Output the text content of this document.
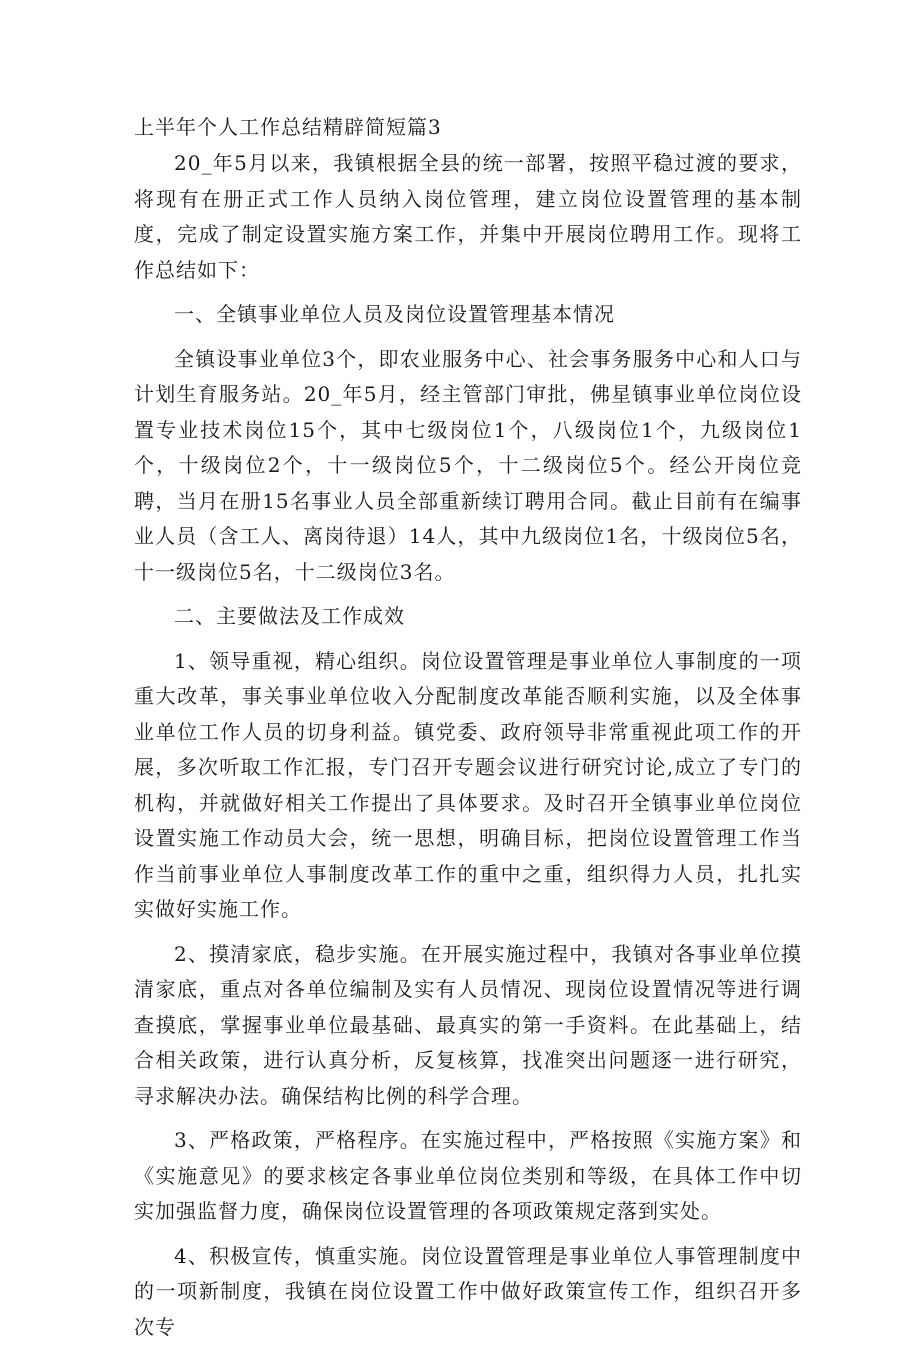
上半年个人工作总结精辟简短篇3

20_年5月以来，我镇根据全县的统一部署，按照平稳过渡的要求，将现有在册正式工作人员纳入岗位管理，建立岗位设置管理的基本制度，完成了制定设置实施方案工作，并集中开展岗位聘用工作。现将工作总结如下：

一、全镇事业单位人员及岗位设置管理基本情况

全镇设事业单位3个，即农业服务中心、社会事务服务中心和人口与计划生育服务站。20_年5月，经主管部门审批，佛星镇事业单位岗位设置专业技术岗位15个，其中七级岗位1个，八级岗位1个，九级岗位1个，十级岗位2个，十一级岗位5个，十二级岗位5个。经公开岗位竞聘，当月在册15名事业人员全部重新续订聘用合同。截止目前有在编事业人员（含工人、离岗待退）14人，其中九级岗位1名，十级岗位5名，十一级岗位5名，十二级岗位3名。

二、主要做法及工作成效

1、领导重视，精心组织。岗位设置管理是事业单位人事制度的一项重大改革，事关事业单位收入分配制度改革能否顺利实施，以及全体事业单位工作人员的切身利益。镇党委、政府领导非常重视此项工作的开展，多次听取工作汇报，专门召开专题会议进行研究讨论,成立了专门的机构，并就做好相关工作提出了具体要求。及时召开全镇事业单位岗位设置实施工作动员大会，统一思想，明确目标，把岗位设置管理工作当作当前事业单位人事制度改革工作的重中之重，组织得力人员，扎扎实实做好实施工作。

2、摸清家底，稳步实施。在开展实施过程中，我镇对各事业单位摸清家底，重点对各单位编制及实有人员情况、现岗位设置情况等进行调查摸底，掌握事业单位最基础、最真实的第一手资料。在此基础上，结合相关政策，进行认真分析，反复核算，找准突出问题逐一进行研究，寻求解决办法。确保结构比例的科学合理。

3、严格政策，严格程序。在实施过程中，严格按照《实施方案》和《实施意见》的要求核定各事业单位岗位类别和等级，在具体工作中切实加强监督力度，确保岗位设置管理的各项政策规定落到实处。

4、积极宣传，慎重实施。岗位设置管理是事业单位人事管理制度中的一项新制度，我镇在岗位设置工作中做好政策宣传工作，组织召开多次专
